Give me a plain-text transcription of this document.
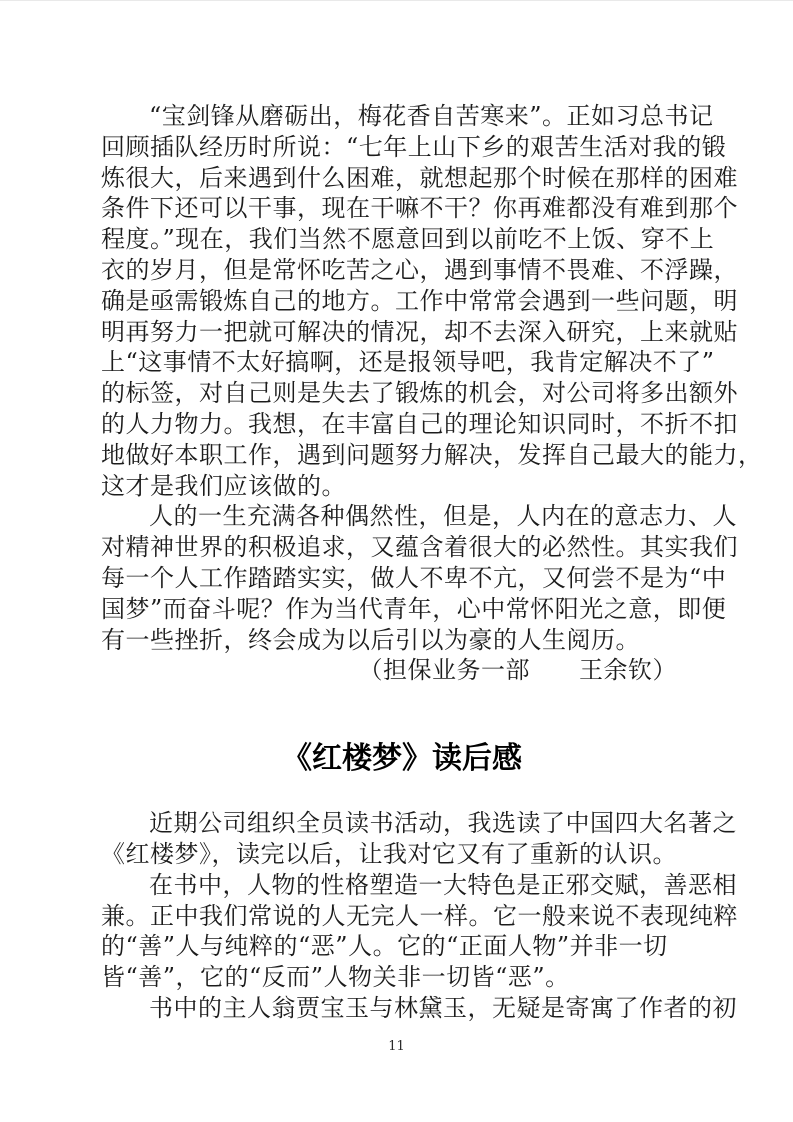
“宝剑锋从磨砺出，梅花香自苦寒来”。正如习总书记
回顾插队经历时所说：“七年上山下乡的艰苦生活对我的锻
炼很大，后来遇到什么困难，就想起那个时候在那样的困难
条件下还可以干事，现在干嘛不干？你再难都没有难到那个
程度。”现在，我们当然不愿意回到以前吃不上饭、穿不上
衣的岁月，但是常怀吃苦之心，遇到事情不畏难、不浮躁，
确是亟需锻炼自己的地方。工作中常常会遇到一些问题，明
明再努力一把就可解决的情况，却不去深入研究，上来就贴
上“这事情不太好搞啊，还是报领导吧，我肯定解决不了”
的标签，对自己则是失去了锻炼的机会，对公司将多出额外
的人力物力。我想，在丰富自己的理论知识同时，不折不扣
地做好本职工作，遇到问题努力解决，发挥自己最大的能力，
这才是我们应该做的。
人的一生充满各种偶然性，但是，人内在的意志力、人
对精神世界的积极追求，又蕴含着很大的必然性。其实我们
每一个人工作踏踏实实，做人不卑不亢，又何尝不是为“中
国梦”而奋斗呢？作为当代青年，心中常怀阳光之意，即便
有一些挫折，终会成为以后引以为豪的人生阅历。
（担保业务一部　　王余钦）
《红楼梦》读后感
近期公司组织全员读书活动，我选读了中国四大名著之
《红楼梦》，读完以后，让我对它又有了重新的认识。
在书中，人物的性格塑造一大特色是正邪交赋，善恶相
兼。正中我们常说的人无完人一样。它一般来说不表现纯粹
的“善”人与纯粹的“恶”人。它的“正面人物”并非一切
皆“善”，它的“反而”人物关非一切皆“恶”。
书中的主人翁贾宝玉与林黛玉，无疑是寄寓了作者的初
11
